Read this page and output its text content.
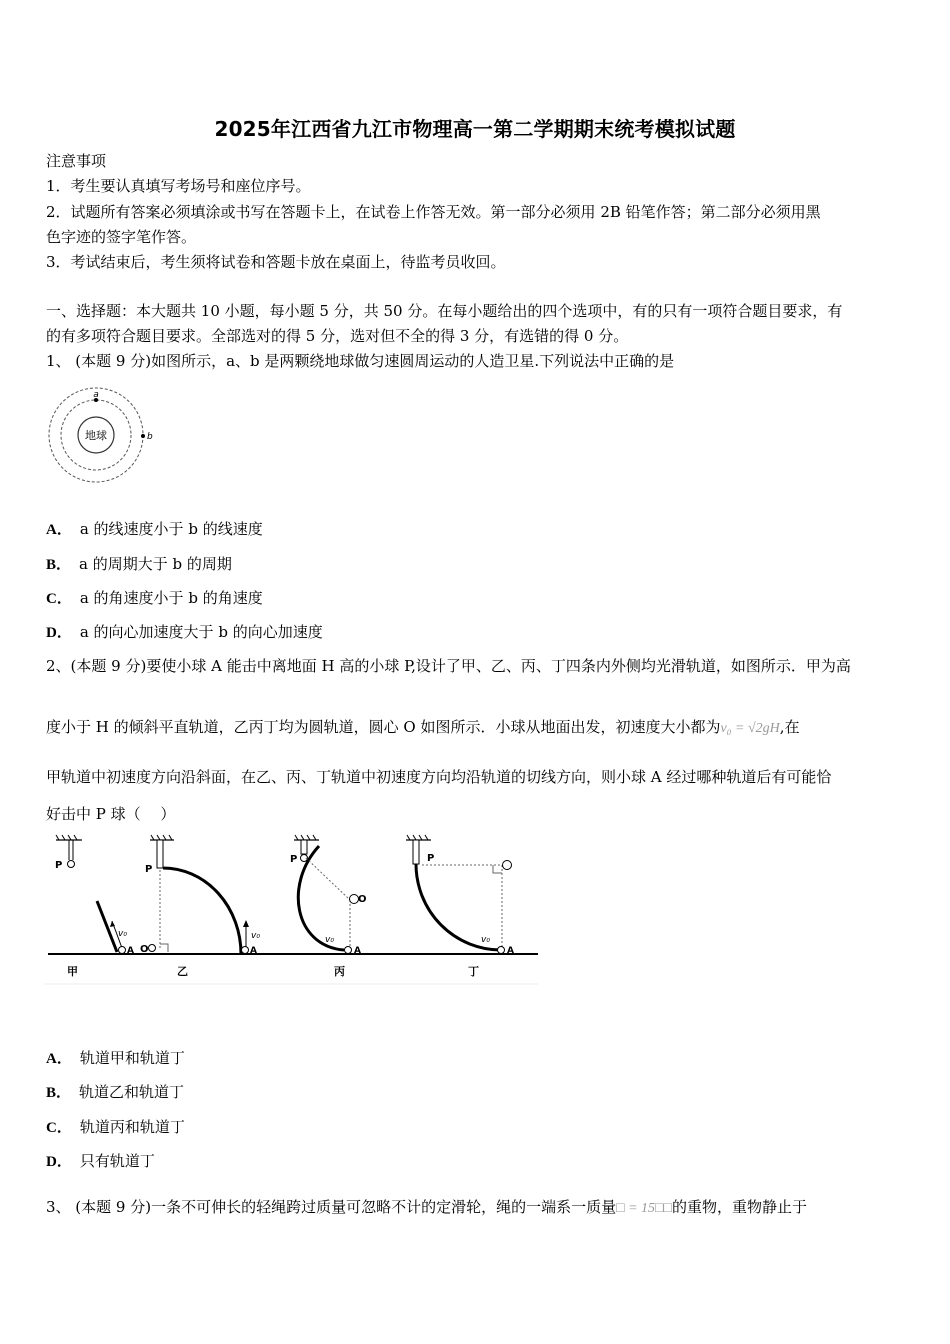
2025年江西省九江市物理高一第二学期期末统考模拟试题
注意事项
1．考生要认真填写考场号和座位序号。
2．试题所有答案必须填涂或书写在答题卡上，在试卷上作答无效。第一部分必须用 2B 铅笔作答；第二部分必须用黑
色字迹的签字笔作答。
3．考试结束后，考生须将试卷和答题卡放在桌面上，待监考员收回。
一、选择题：本大题共 10 小题，每小题 5 分，共 50 分。在每小题给出的四个选项中，有的只有一项符合题目要求，有
的有多项符合题目要求。全部选对的得 5 分，选对但不全的得 3 分，有选错的得 0 分。
1、 (本题 9 分)如图所示，a、b 是两颗绕地球做匀速圆周运动的人造卫星.下列说法中正确的是
地球
a
b
A． a 的线速度小于 b 的线速度
B． a 的周期大于 b 的周期
C． a 的角速度小于 b 的角速度
D． a 的向心加速度大于 b 的向心加速度
2、(本题 9 分)要使小球 A 能击中离地面 H 高的小球 P,设计了甲、乙、丙、丁四条内外侧均光滑轨道，如图所示．甲为高
度小于 H 的倾斜平直轨道，乙丙丁均为圆轨道，圆心 O 如图所示．小球从地面出发，初速度大小都为v₀ = √2gH,在
甲轨道中初速度方向沿斜面，在乙、丙、丁轨道中初速度方向均沿轨道的切线方向，则小球 A 经过哪种轨道后有可能恰
好击中 P 球（　 ）
P
v₀
A
甲
P
O
v₀
A
乙
P
O
v₀
A
丙
P
v₀
A
丁
A． 轨道甲和轨道丁
B． 轨道乙和轨道丁
C． 轨道丙和轨道丁
D． 只有轨道丁
3、 (本题 9 分)一条不可伸长的轻绳跨过质量可忽略不计的定滑轮，绳的一端系一质量□ = 15□□的重物，重物静止于
